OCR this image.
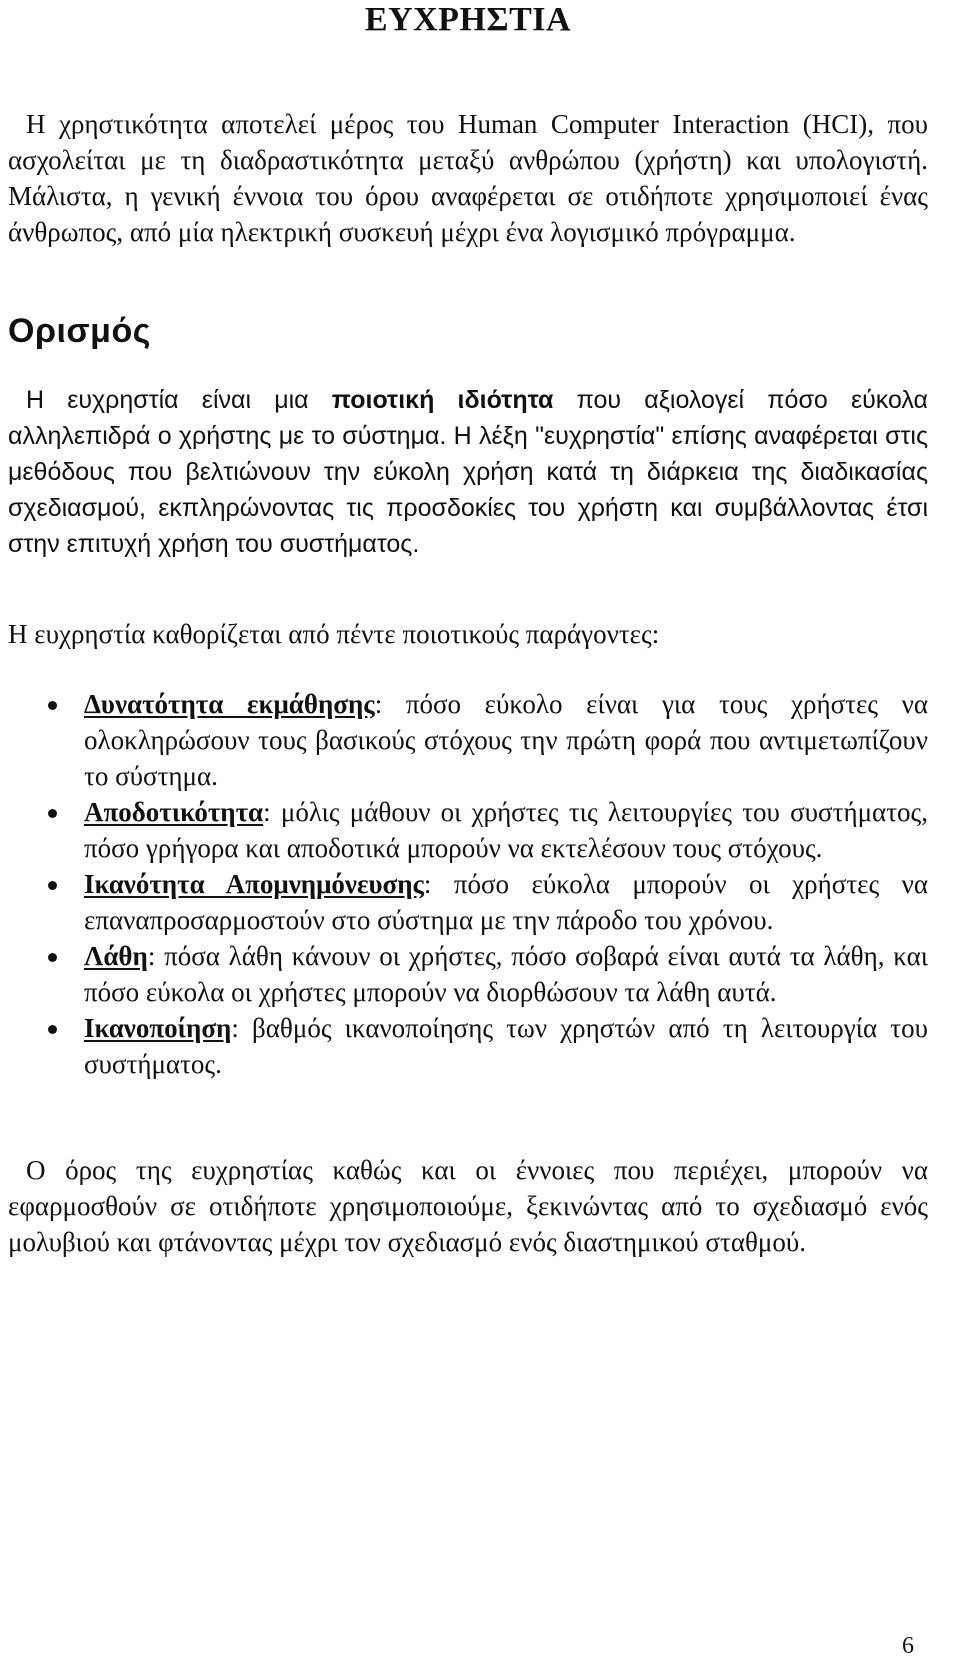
ΕΥΧΡΗΣΤΙΑ

Η χρηστικότητα αποτελεί μέρος του Human Computer Interaction (HCI), που ασχολείται με τη διαδραστικότητα μεταξύ ανθρώπου (χρήστη) και υπολογιστή. Μάλιστα, η γενική έννοια του όρου αναφέρεται σε οτιδήποτε χρησιμοποιεί ένας άνθρωπος, από μία ηλεκτρική συσκευή μέχρι ένα λογισμικό πρόγραμμα.

Ορισμός

Η ευχρηστία είναι μια ποιοτική ιδιότητα που αξιολογεί πόσο εύκολα αλληλεπιδρά ο χρήστης με το σύστημα. Η λέξη "ευχρηστία" επίσης αναφέρεται στις μεθόδους που βελτιώνουν την εύκολη χρήση κατά τη διάρκεια της διαδικασίας σχεδιασμού, εκπληρώνοντας τις προσδοκίες του χρήστη και συμβάλλοντας έτσι στην επιτυχή χρήση του συστήματος.

Η ευχρηστία καθορίζεται από πέντε ποιοτικούς παράγοντες:

Δυνατότητα εκμάθησης: πόσο εύκολο είναι για τους χρήστες να ολοκληρώσουν τους βασικούς στόχους την πρώτη φορά που αντιμετωπίζουν το σύστημα.
Αποδοτικότητα: μόλις μάθουν οι χρήστες τις λειτουργίες του συστήματος, πόσο γρήγορα και αποδοτικά μπορούν να εκτελέσουν τους στόχους.
Ικανότητα Απομνημόνευσης: πόσο εύκολα μπορούν οι χρήστες να επαναπροσαρμοστούν στο σύστημα με την πάροδο του χρόνου.
Λάθη: πόσα λάθη κάνουν οι χρήστες, πόσο σοβαρά είναι αυτά τα λάθη, και πόσο εύκολα οι χρήστες μπορούν να διορθώσουν τα λάθη αυτά.
Ικανοποίηση: βαθμός ικανοποίησης των χρηστών από τη λειτουργία του συστήματος.

Ο όρος της ευχρηστίας καθώς και οι έννοιες που περιέχει, μπορούν να εφαρμοσθούν σε οτιδήποτε χρησιμοποιούμε, ξεκινώντας από το σχεδιασμό ενός μολυβιού και φτάνοντας μέχρι τον σχεδιασμό ενός διαστημικού σταθμού.

6
